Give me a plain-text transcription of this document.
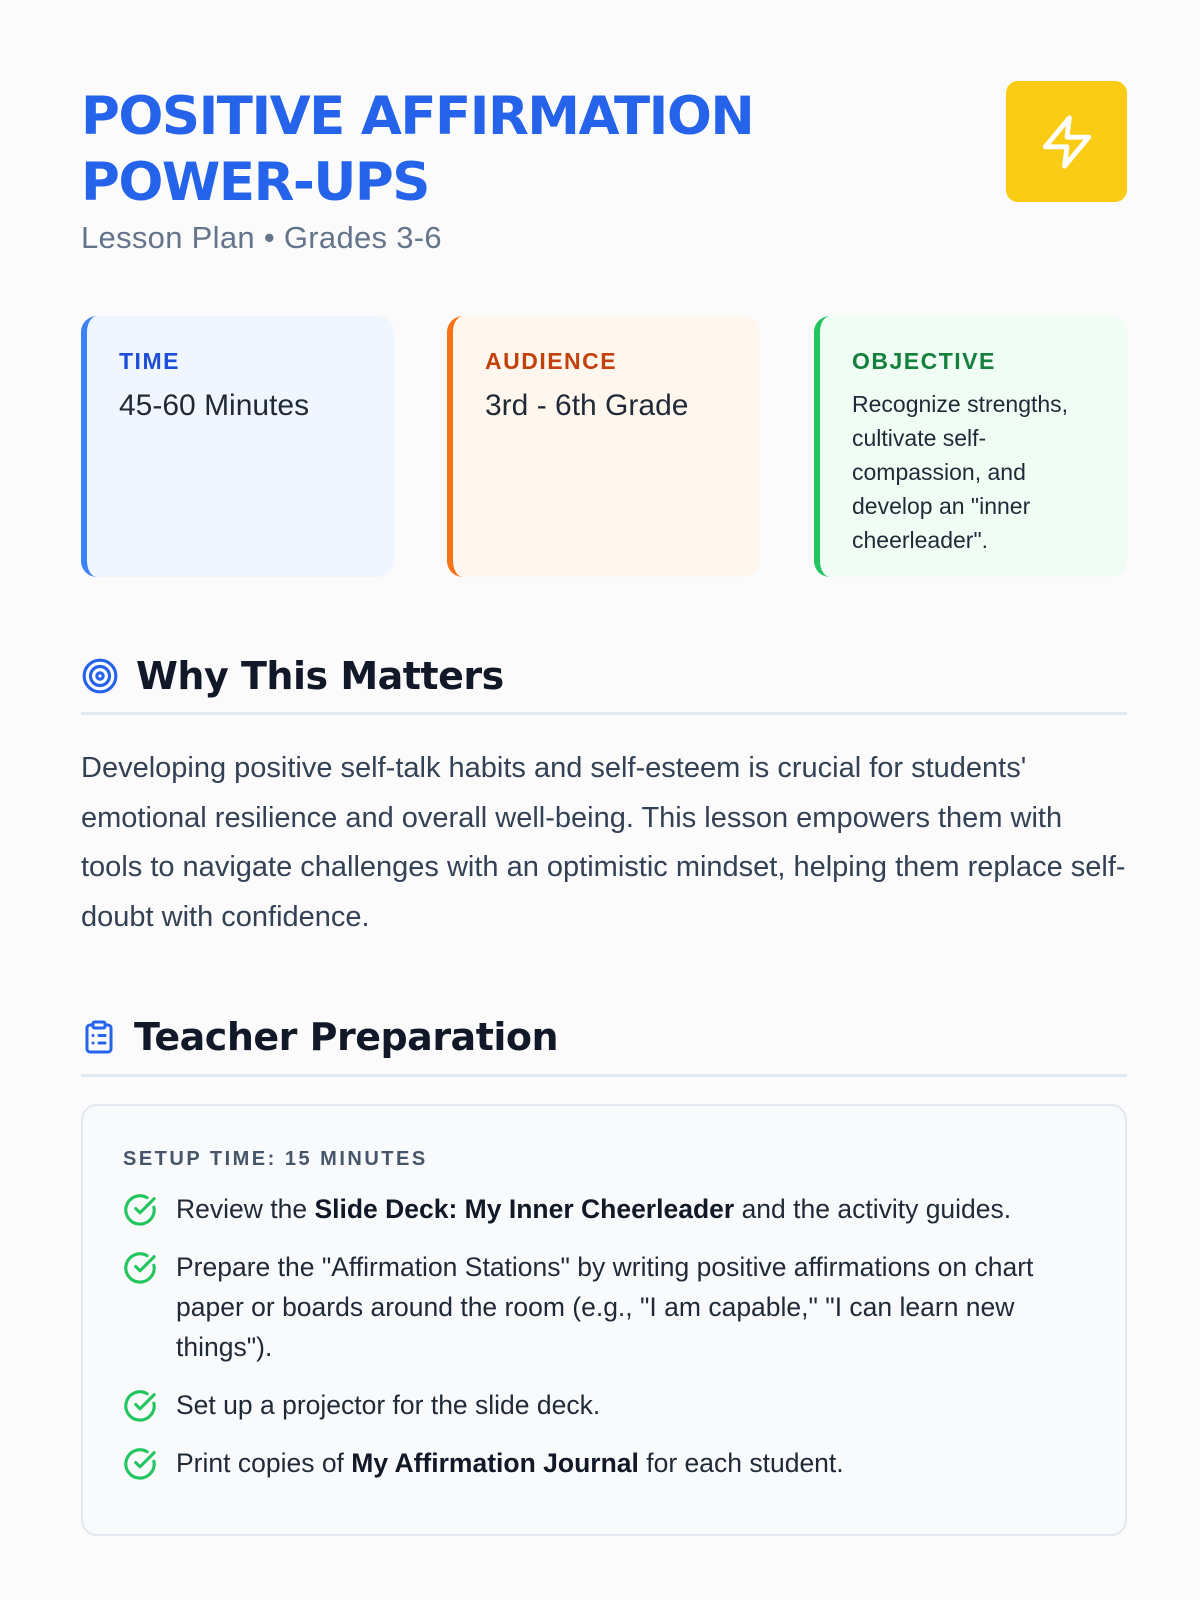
POSITIVE AFFIRMATION POWER-UPS
Lesson Plan • Grades 3-6
TIME
45-60 Minutes
AUDIENCE
3rd - 6th Grade
OBJECTIVE
Recognize strengths, cultivate self-compassion, and develop an "inner cheerleader".
Why This Matters

Developing positive self-talk habits and self-esteem is crucial for students' emotional resilience and overall well-being. This lesson empowers them with tools to navigate challenges with an optimistic mindset, helping them replace self-doubt with confidence.

Teacher Preparation
SETUP TIME: 15 MINUTES
Review the Slide Deck: My Inner Cheerleader and the activity guides.
Prepare the "Affirmation Stations" by writing positive affirmations on chart paper or boards around the room (e.g., "I am capable," "I can learn new things").
Set up a projector for the slide deck.
Print copies of My Affirmation Journal for each student.
